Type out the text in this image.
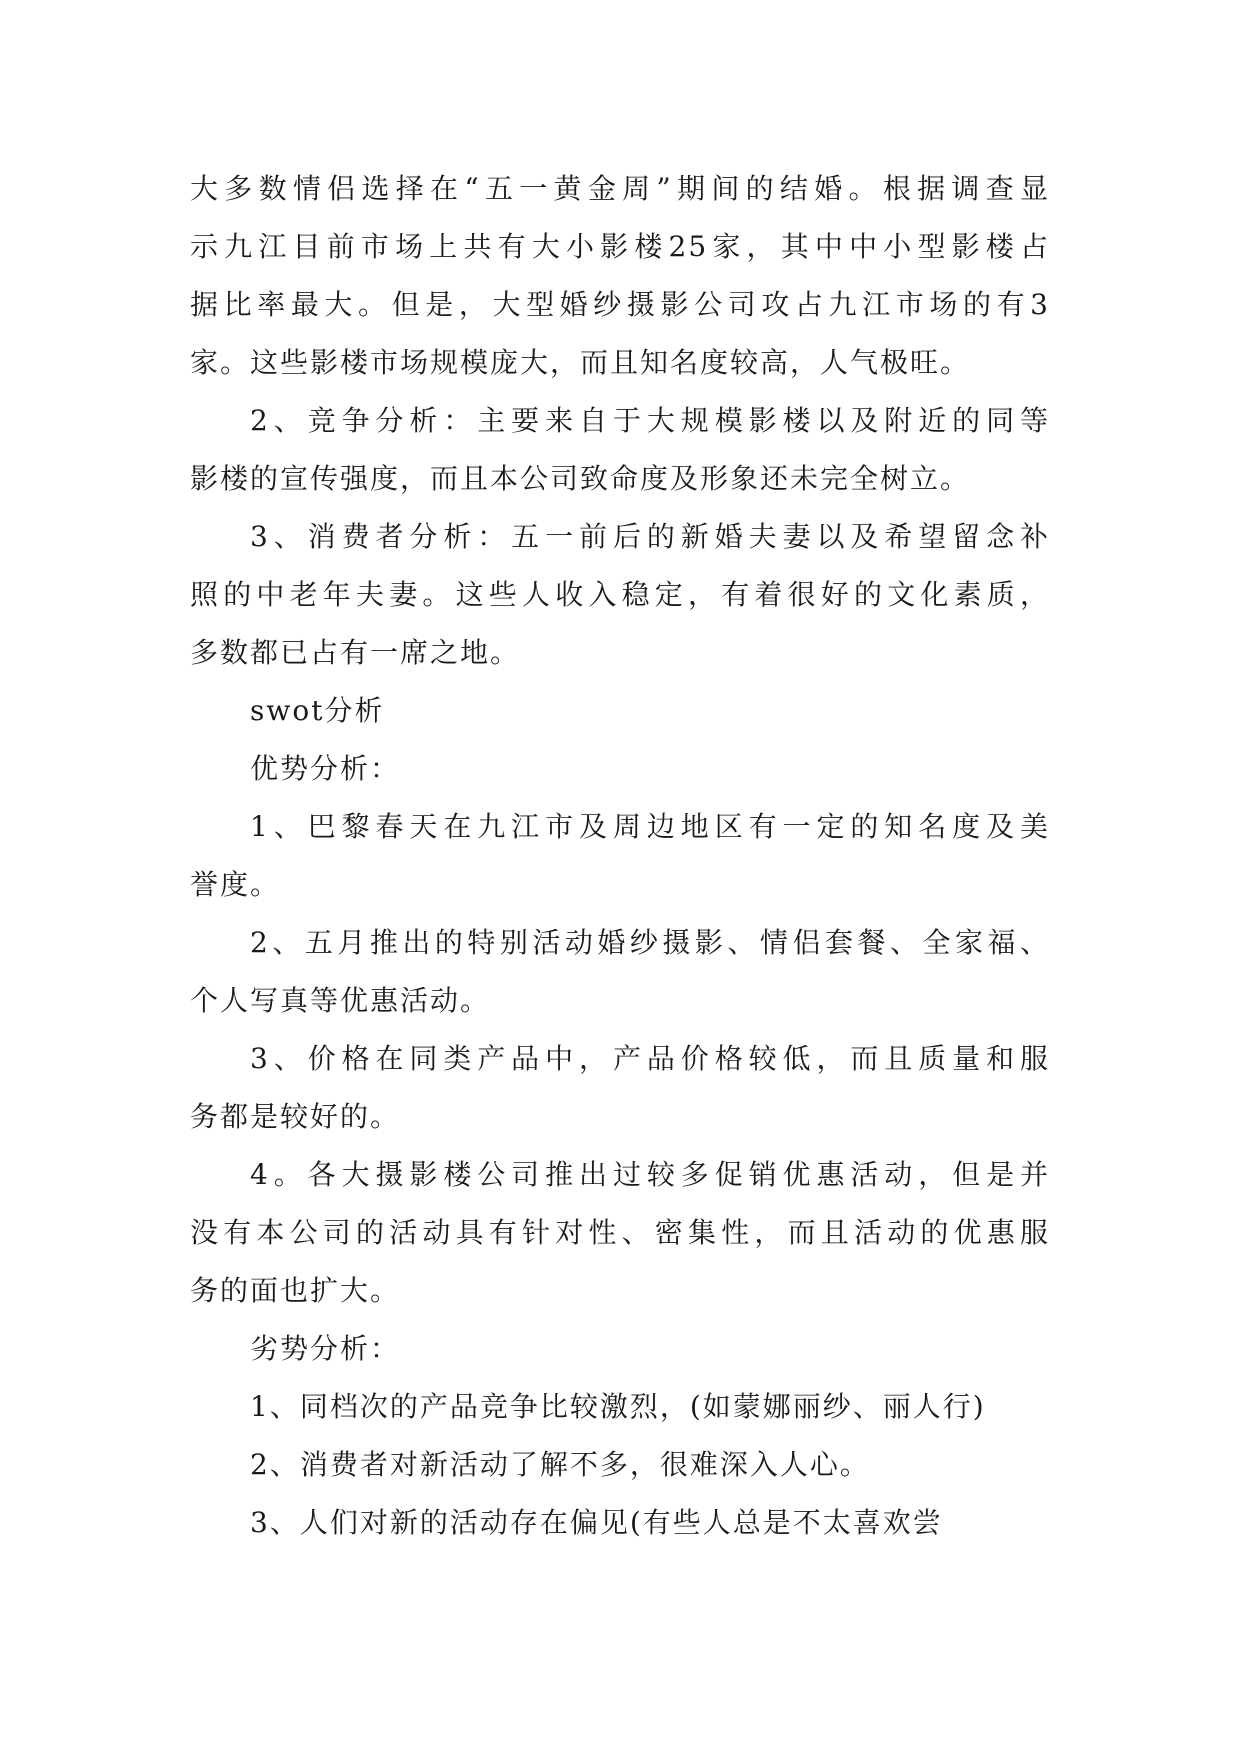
大多数情侣选择在“五一黄金周”期间的结婚。根据调查显
示九江目前市场上共有大小影楼25家，其中中小型影楼占
据比率最大。但是，大型婚纱摄影公司攻占九江市场的有3
家。这些影楼市场规模庞大，而且知名度较高，人气极旺。
2、竞争分析：主要来自于大规模影楼以及附近的同等
影楼的宣传强度，而且本公司致命度及形象还未完全树立。
3、消费者分析：五一前后的新婚夫妻以及希望留念补
照的中老年夫妻。这些人收入稳定，有着很好的文化素质，
多数都已占有一席之地。
swot分析
优势分析：
1、巴黎春天在九江市及周边地区有一定的知名度及美
誉度。
2、五月推出的特别活动婚纱摄影、情侣套餐、全家福、
个人写真等优惠活动。
3、价格在同类产品中，产品价格较低，而且质量和服
务都是较好的。
4。各大摄影楼公司推出过较多促销优惠活动，但是并
没有本公司的活动具有针对性、密集性，而且活动的优惠服
务的面也扩大。
劣势分析：
1、同档次的产品竞争比较激烈，(如蒙娜丽纱、丽人行)
2、消费者对新活动了解不多，很难深入人心。
3、人们对新的活动存在偏见(有些人总是不太喜欢尝
